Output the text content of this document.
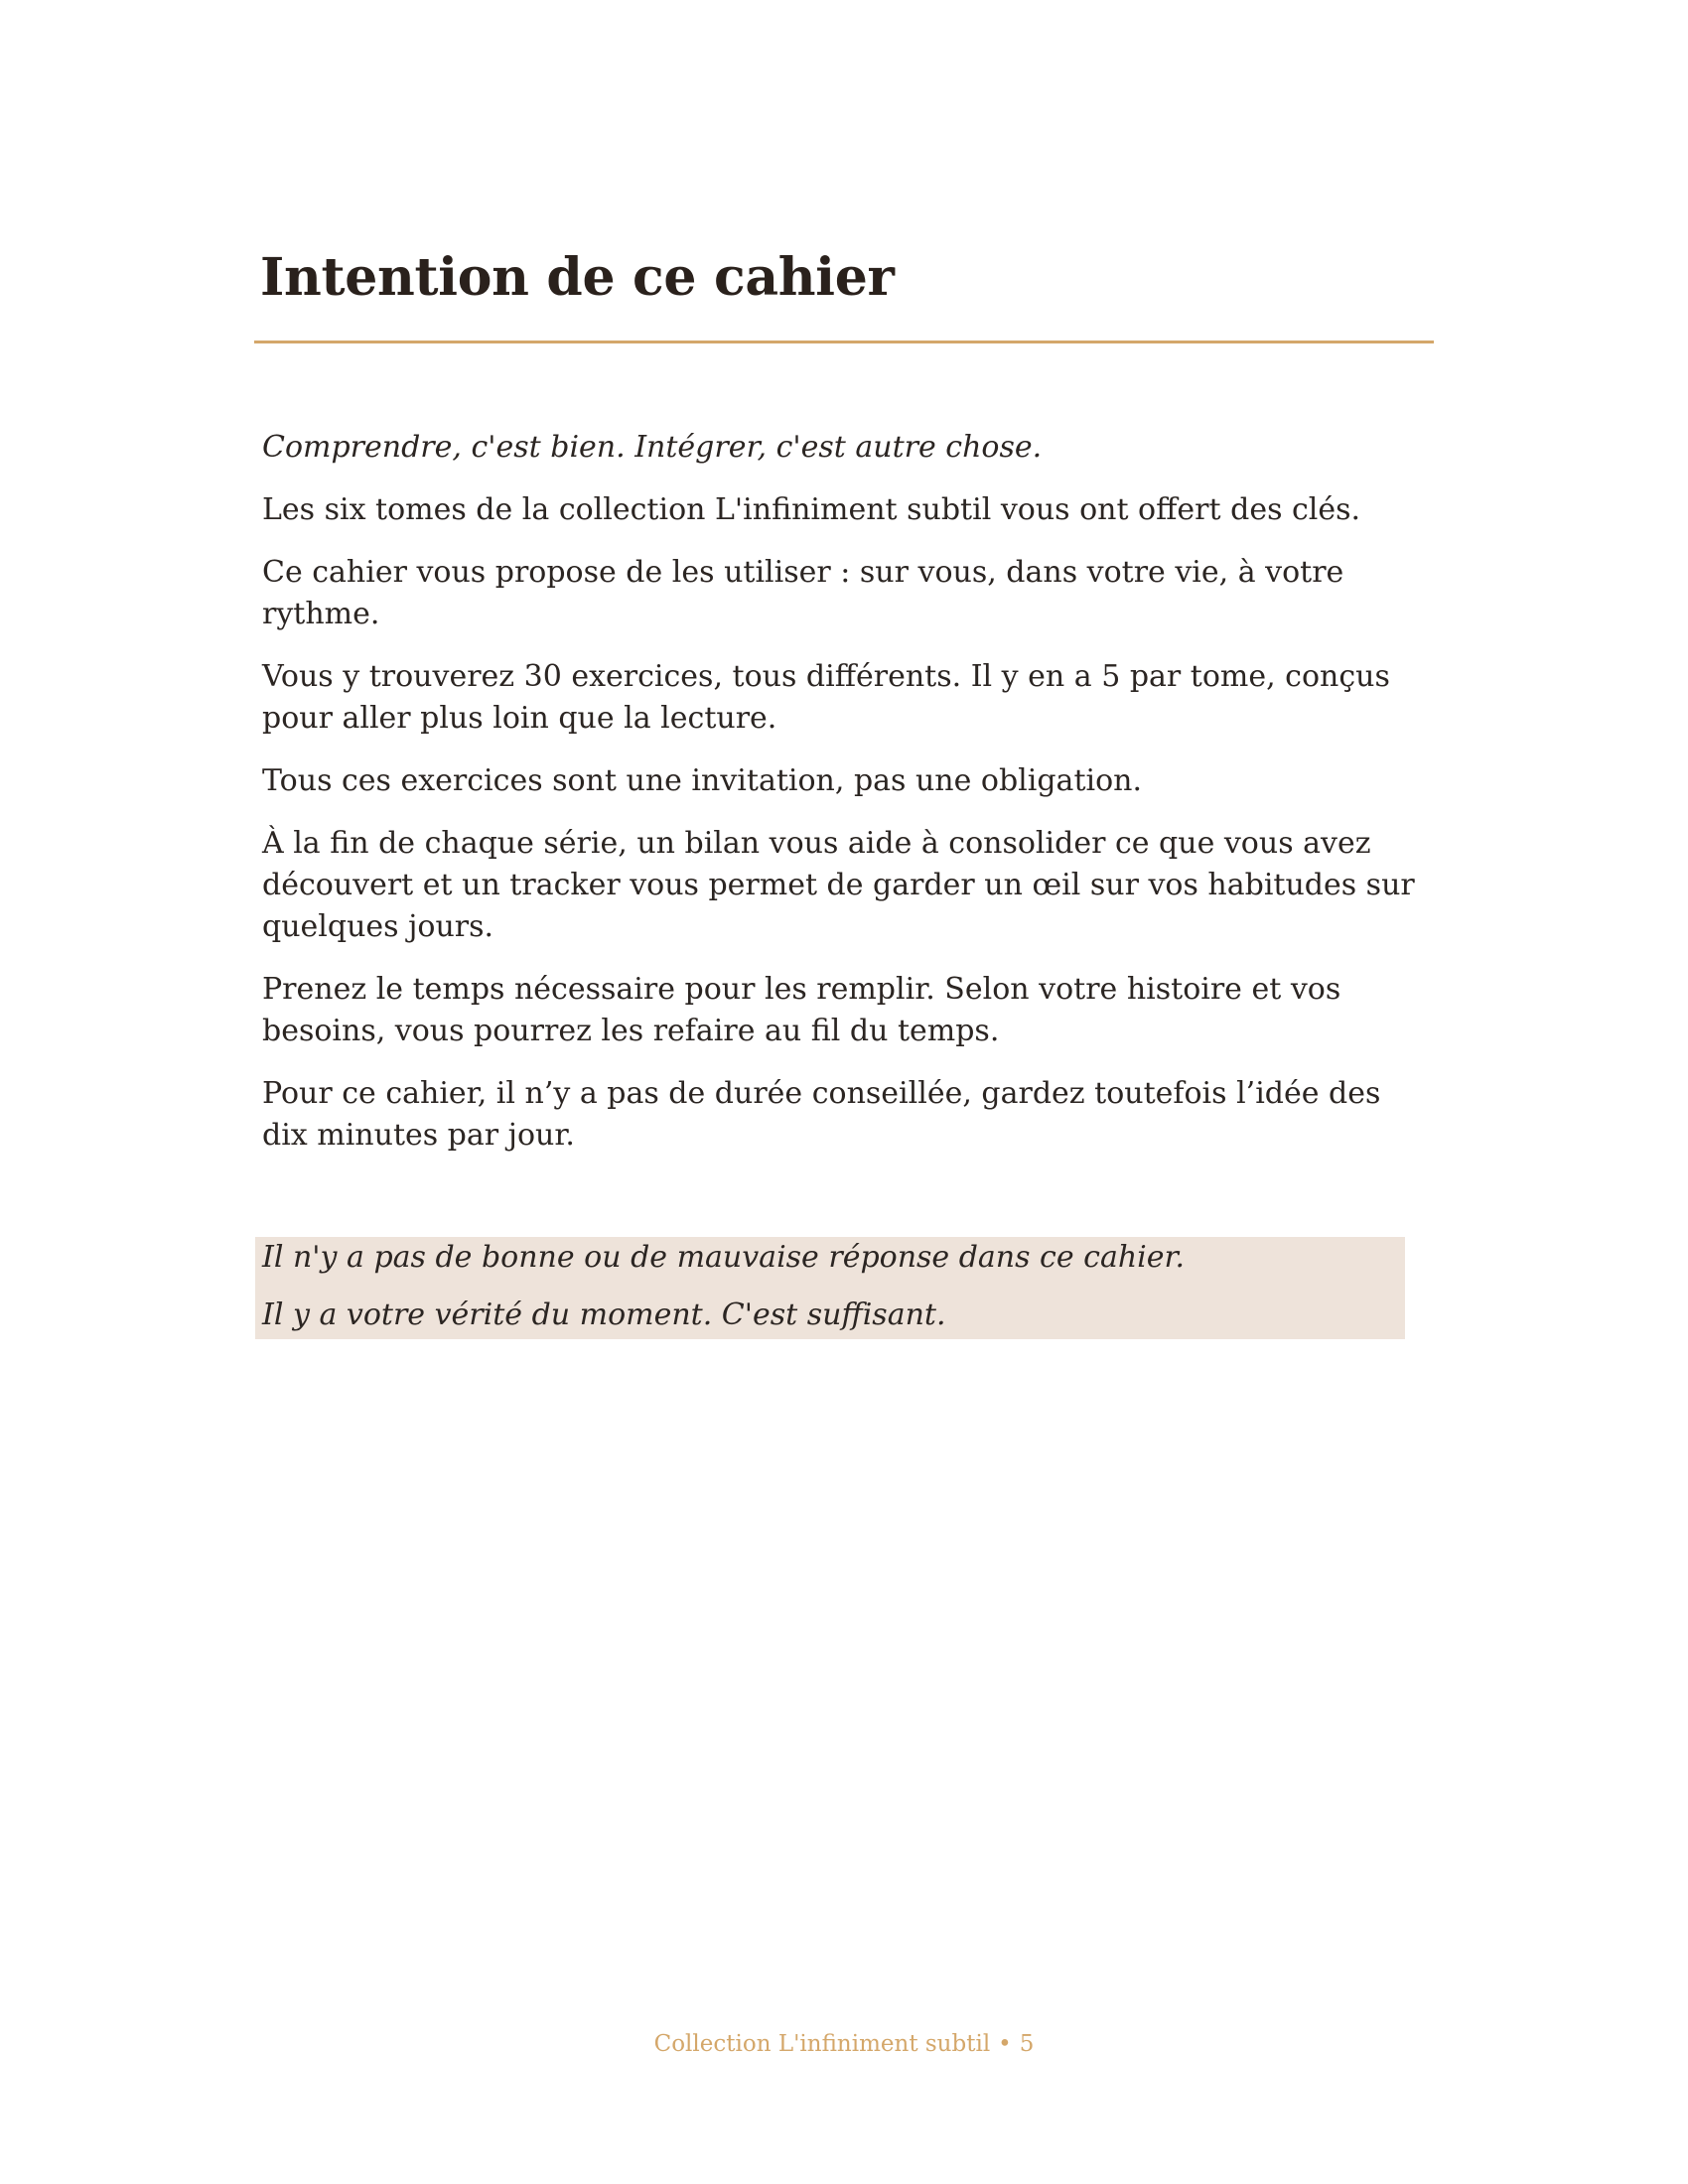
Intention de ce cahier

Comprendre, c'est bien. Intégrer, c'est autre chose.

Les six tomes de la collection L'infiniment subtil vous ont offert des clés.

Ce cahier vous propose de les utiliser : sur vous, dans votre vie, à votre rythme.

Vous y trouverez 30 exercices, tous différents. Il y en a 5 par tome, conçus pour aller plus loin que la lecture.

Tous ces exercices sont une invitation, pas une obligation.

À la fin de chaque série, un bilan vous aide à consolider ce que vous avez découvert et un tracker vous permet de garder un œil sur vos habitudes sur quelques jours.

Prenez le temps nécessaire pour les remplir. Selon votre histoire et vos besoins, vous pourrez les refaire au fil du temps.

Pour ce cahier, il n’y a pas de durée conseillée, gardez toutefois l’idée des dix minutes par jour.

Il n'y a pas de bonne ou de mauvaise réponse dans ce cahier.

Il y a votre vérité du moment. C'est suffisant.

Collection L'infiniment subtil • 5
